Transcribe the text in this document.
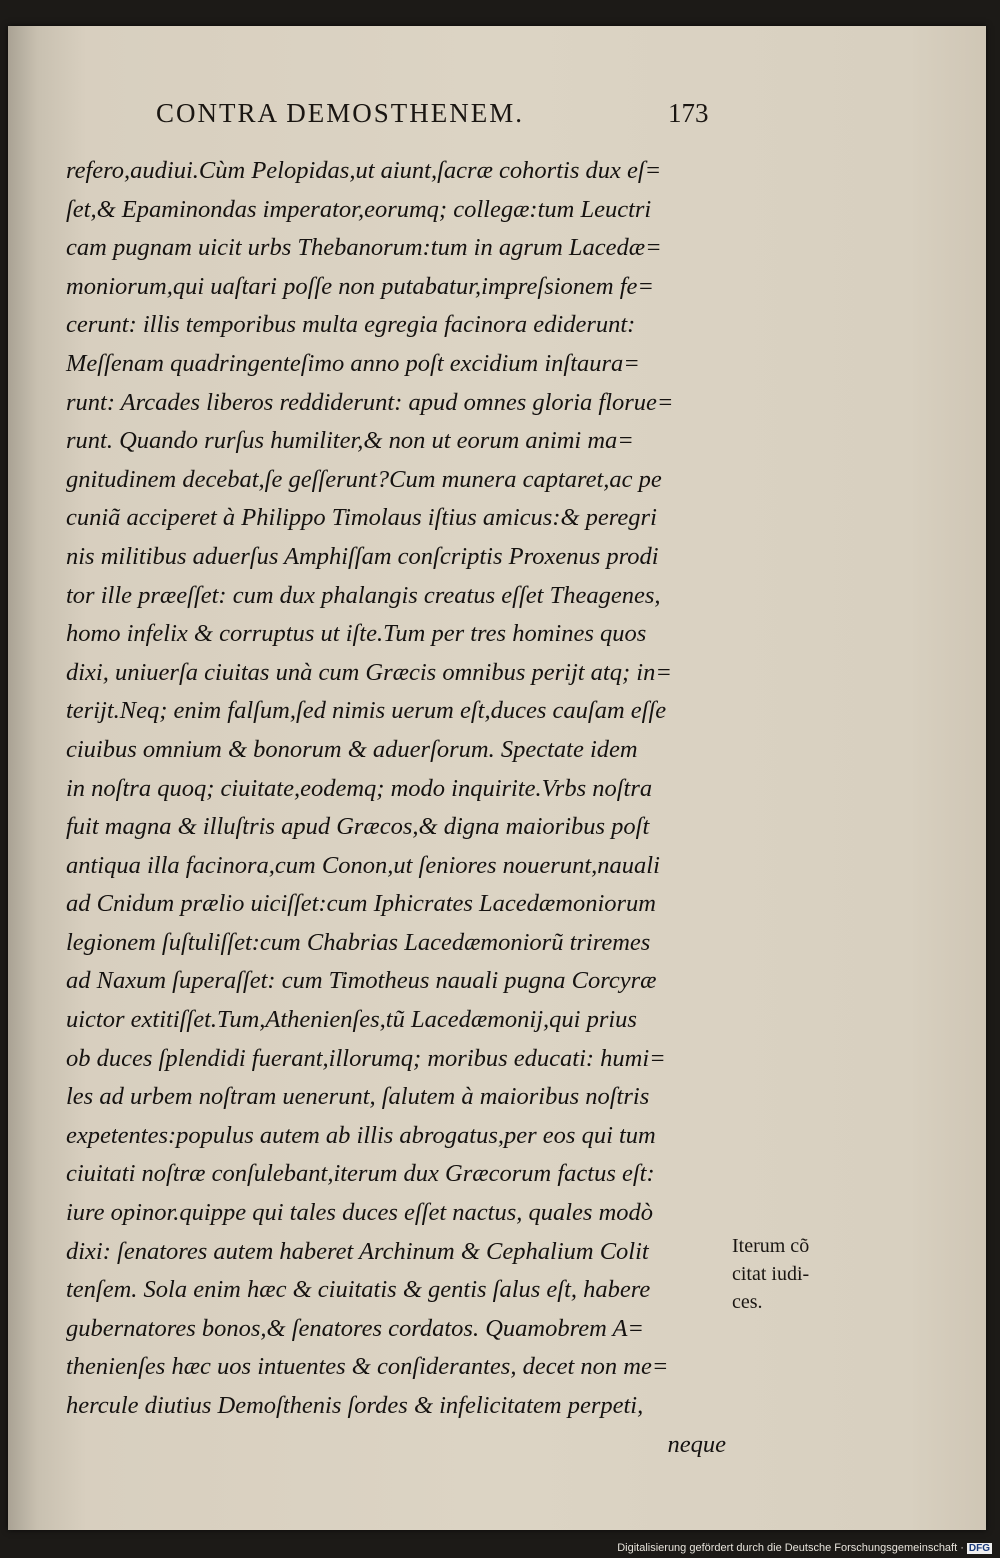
CONTRA DEMOSTHENEM.	173
refero,audiui.Cùm Pelopidas,ut aiunt,ſacræ cohortis dux eſ=
ſet,& Epaminondas imperator,eorumq; collegæ:tum Leuctri
cam pugnam uicit urbs Thebanorum:tum in agrum Lacedæ=
moniorum,qui uaſtari poſſe non putabatur,impreſsionem fe=
cerunt: illis temporibus multa egregia facinora ediderunt:
Meſſenam quadringenteſimo anno poſt excidium inſtaura=
runt: Arcades liberos reddiderunt: apud omnes gloria florue=
runt. Quando rurſus humiliter,& non ut eorum animi ma=
gnitudinem decebat,ſe geſſerunt?Cum munera captaret,ac pe
cuniã acciperet à Philippo Timolaus iſtius amicus:& peregri
nis militibus aduerſus Amphiſſam conſcriptis Proxenus prodi
tor ille præeſſet: cum dux phalangis creatus eſſet Theagenes,
homo infelix & corruptus ut iſte.Tum per tres homines quos
dixi, uniuerſa ciuitas unà cum Græcis omnibus perijt atq; in=
terijt.Neq; enim falſum,ſed nimis uerum eſt,duces cauſam eſſe
ciuibus omnium & bonorum & aduerſorum. Spectate idem
in noſtra quoq; ciuitate,eodemq; modo inquirite.Vrbs noſtra
fuit magna & illuſtris apud Græcos,& digna maioribus poſt
antiqua illa facinora,cum Conon,ut ſeniores nouerunt,nauali
ad Cnidum prælio uiciſſet:cum Iphicrates Lacedæmoniorum
legionem ſuſtuliſſet:cum Chabrias Lacedæmoniorũ triremes
ad Naxum ſuperaſſet: cum Timotheus nauali pugna Corcyræ
uictor extitiſſet.Tum,Athenienſes,tũ Lacedæmonij,qui prius
ob duces ſplendidi fuerant,illorumq; moribus educati: humi=
les ad urbem noſtram uenerunt, ſalutem à maioribus noſtris
expetentes:populus autem ab illis abrogatus,per eos qui tum
ciuitati noſtræ conſulebant,iterum dux Græcorum factus eſt:
iure opinor.quippe qui tales duces eſſet nactus, quales modò
dixi: ſenatores autem haberet Archinum & Cephalium Colit
tenſem. Sola enim hæc & ciuitatis & gentis ſalus eſt, habere
gubernatores bonos,& ſenatores cordatos. Quamobrem A=
thenienſes hæc uos intuentes & conſiderantes, decet non me=
hercule diutius Demoſthenis ſordes & infelicitatem perpeti,
neque
Iterum cõ
citat iudi-
ces.
Digitalisierung gefördert durch die Deutsche Forschungsgemeinschaft · DFG
